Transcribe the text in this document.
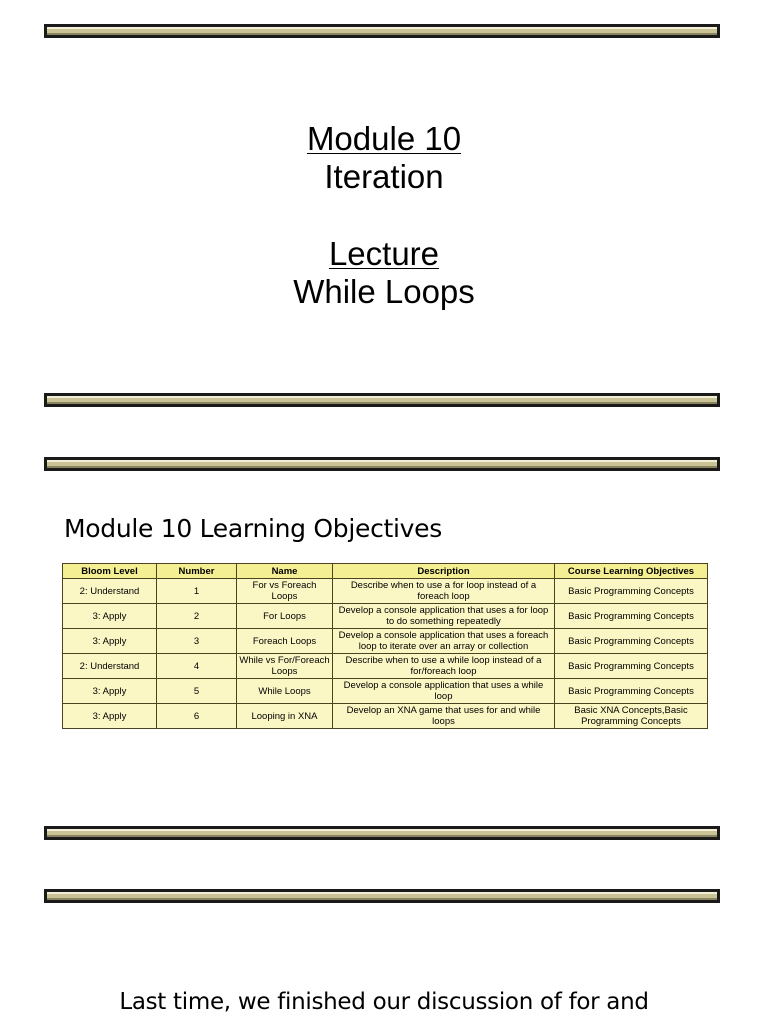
Module 10
Iteration
Lecture
While Loops
Module 10 Learning Objectives
Bloom Level	Number	Name	Description	Course Learning Objectives
2: Understand	1	For vs Foreach Loops	Describe when to use a for loop instead of a foreach loop	Basic Programming Concepts
3: Apply	2	For Loops	Develop a console application that uses a for loop to do something repeatedly	Basic Programming Concepts
3: Apply	3	Foreach Loops	Develop a console application that uses a foreach loop to iterate over an array or collection	Basic Programming Concepts
2: Understand	4	While vs For/Foreach Loops	Describe when to use a while loop instead of a for/foreach loop	Basic Programming Concepts
3: Apply	5	While Loops	Develop a console application that uses a while loop	Basic Programming Concepts
3: Apply	6	Looping in XNA	Develop an XNA game that uses for and while loops	Basic XNA Concepts,Basic Programming Concepts
Last time, we finished our discussion of for and
